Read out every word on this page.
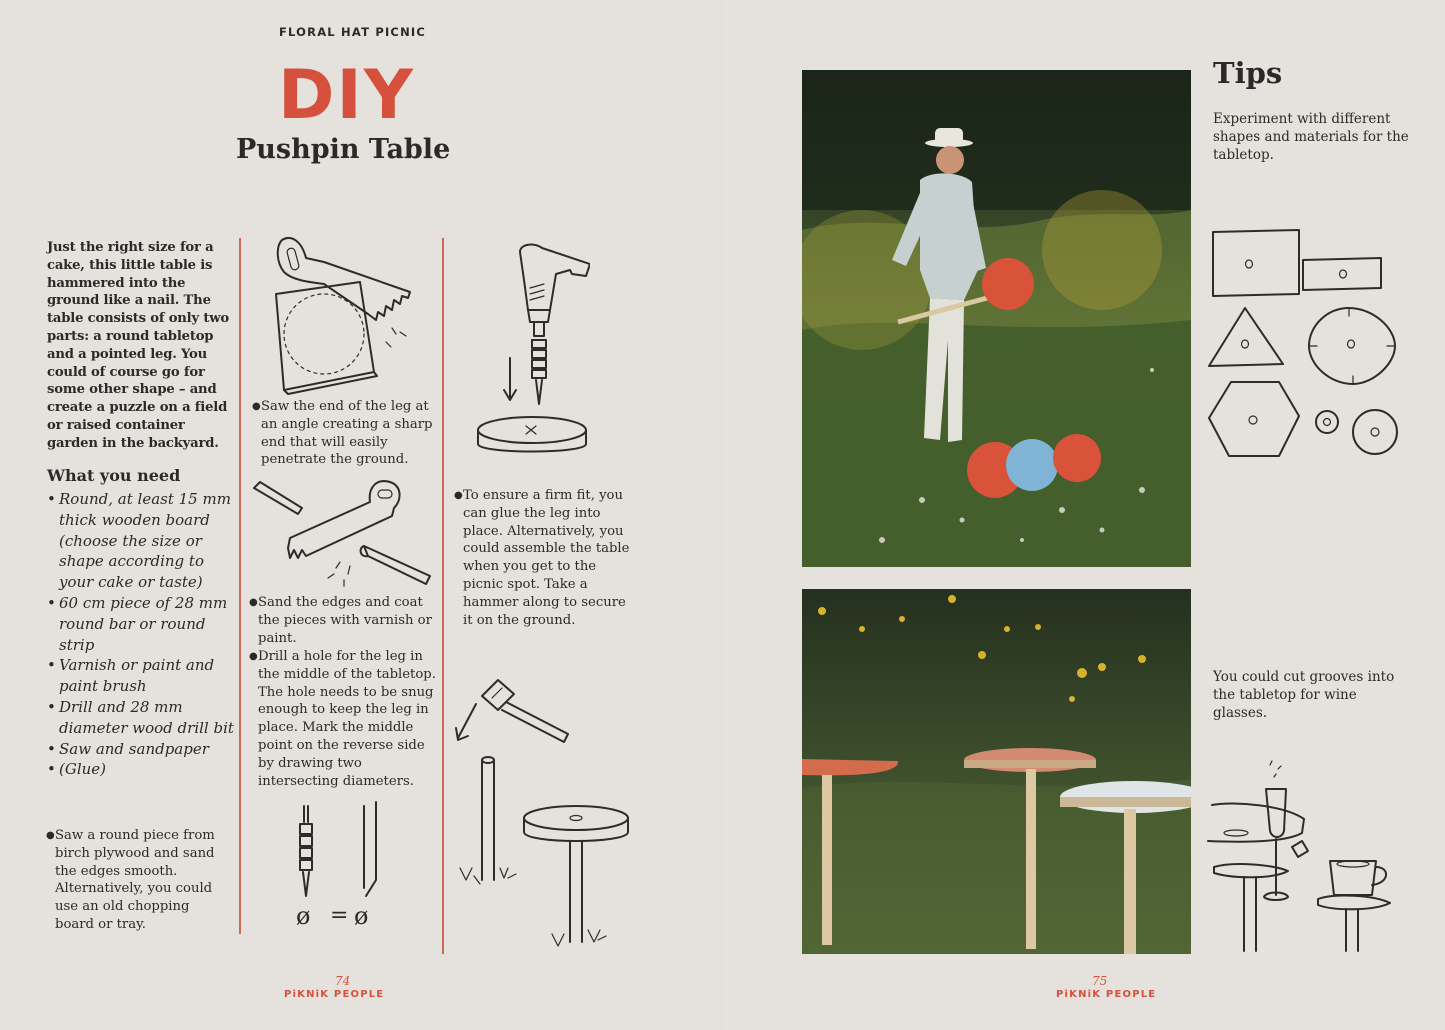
FLORAL HAT PICNIC
DIY
Pushpin Table
Just the right size for a cake, this little table is hammered into the ground like a nail. The table consists of only two parts: a round tabletop and a pointed leg. You could of course go for some other shape – and create a puzzle on a field or raised container garden in the backyard.
What you need
• Round, at least 15 mm thick wooden board (choose the size or shape according to your cake or taste)
• 60 cm piece of 28 mm round bar or round strip
• Varnish or paint and paint brush
• Drill and 28 mm diameter wood drill bit
• Saw and sandpaper
• (Glue)
● Saw a round piece from birch plywood and sand the edges smooth. Alternatively, you could use an old chopping board or tray.
● Saw the end of the leg at an angle creating a sharp end that will easily penetrate the ground.
● Sand the edges and coat the pieces with varnish or paint.
● Drill a hole for the leg in the middle of the tabletop. The hole needs to be snug enough to keep the leg in place. Mark the middle point on the reverse side by drawing two intersecting diameters.
● To ensure a firm fit, you can glue the leg into place. Alternatively, you could assemble the table when you get to the picnic spot. Take a hammer along to secure it on the ground.
ø = ø
74
PiKNiK PEOPLE
Tips
Experiment with different shapes and materials for the tabletop.
You could cut grooves into the tabletop for wine glasses.
75
PiKNiK PEOPLE
